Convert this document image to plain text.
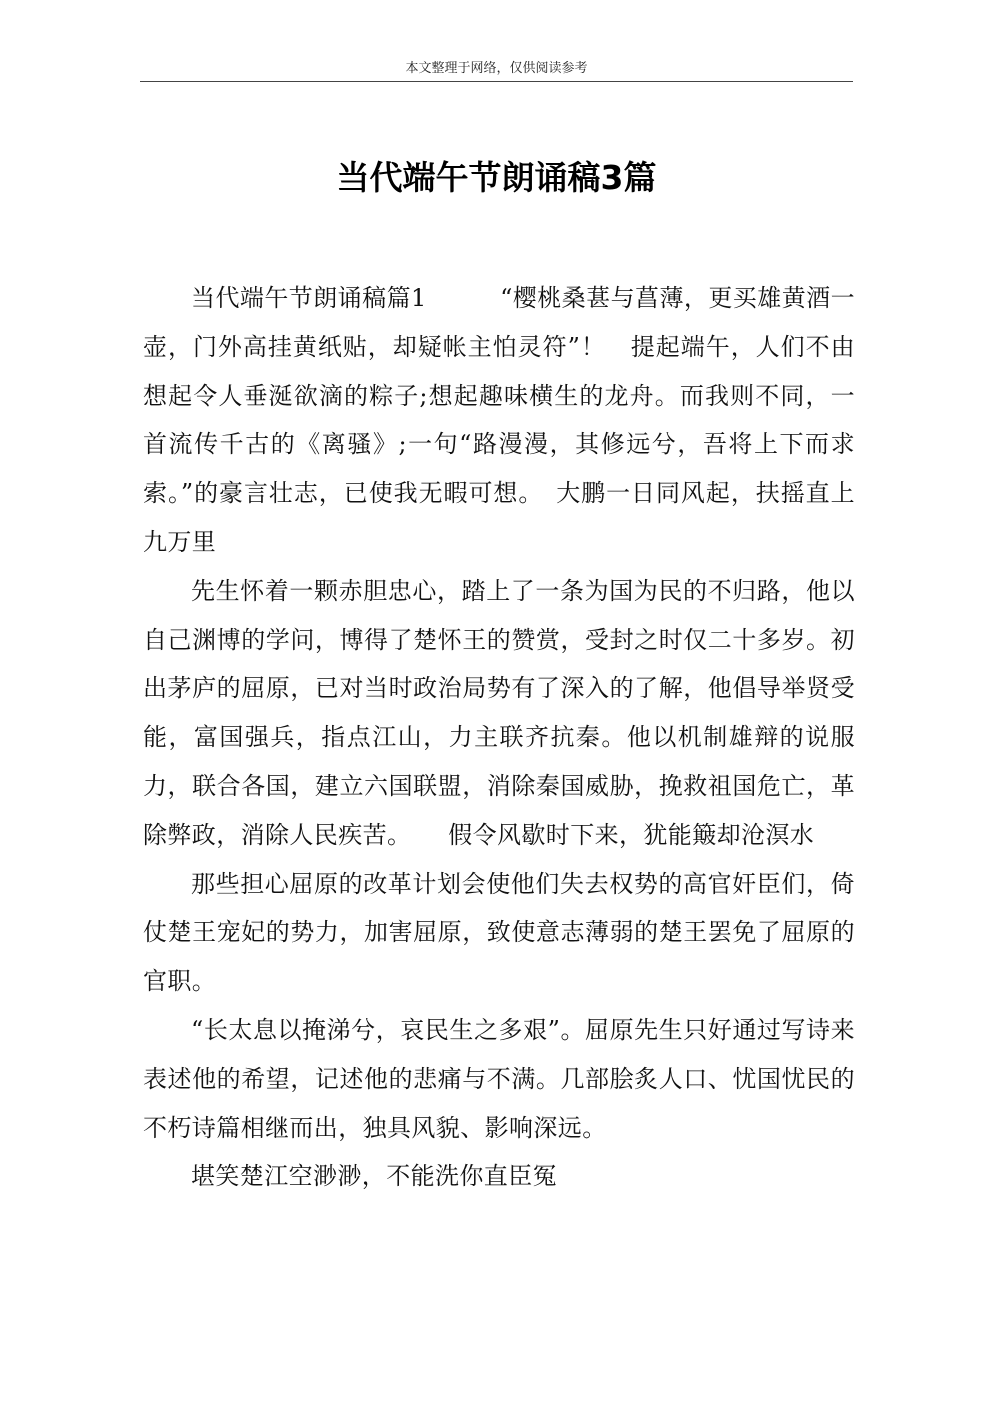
本文整理于网络，仅供阅读参考
当代端午节朗诵稿3篇

当代端午节朗诵稿篇1　　　“樱桃桑葚与菖薄，更买雄黄酒一壶，门外高挂黄纸贴，却疑帐主怕灵符”！　提起端午，人们不由想起令人垂涎欲滴的粽子;想起趣味横生的龙舟。而我则不同，一首流传千古的《离骚》;一句“路漫漫，其修远兮，吾将上下而求索。”的豪言壮志，已使我无暇可想。　大鹏一日同风起，扶摇直上九万里

先生怀着一颗赤胆忠心，踏上了一条为国为民的不归路，他以自己渊博的学问，博得了楚怀王的赞赏，受封之时仅二十多岁。初出茅庐的屈原，已对当时政治局势有了深入的了解，他倡导举贤受能，富国强兵，指点江山，力主联齐抗秦。他以机制雄辩的说服力，联合各国，建立六国联盟，消除秦国威胁，挽救祖国危亡，革除弊政，消除人民疾苦。　　假令风歇时下来，犹能簸却沧溟水

那些担心屈原的改革计划会使他们失去权势的高官奸臣们，倚仗楚王宠妃的势力，加害屈原，致使意志薄弱的楚王罢免了屈原的官职。

“长太息以掩涕兮，哀民生之多艰”。屈原先生只好通过写诗来表述他的希望，记述他的悲痛与不满。几部脍炙人口、忧国忧民的不朽诗篇相继而出，独具风貌、影响深远。

堪笑楚江空渺渺，不能洗你直臣冤
